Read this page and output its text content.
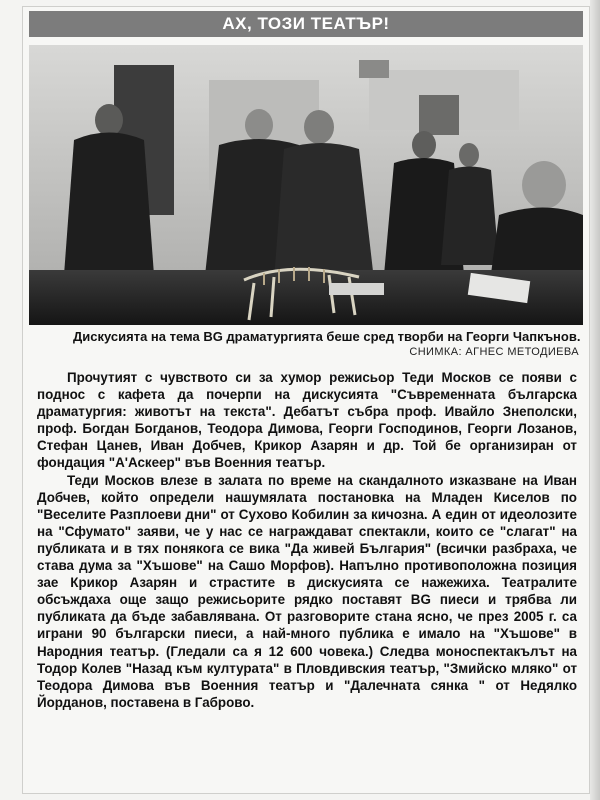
АХ, ТОЗИ ТЕАТЪР!
Дискусията на тема BG драматургията беше сред творби на Георги Чапкънов.
СНИМКА: АГНЕС МЕТОДИЕВА

Прочутият с чувството си за хумор режисьор Теди Москов се появи с поднос с кафета да почерпи на дискусията "Съвременната българска драматургия: животът на текста". Дебатът събра проф. Ивайло Знеполски, проф. Богдан Богданов, Теодора Димова, Георги Господинов, Георги Лозанов, Стефан Цанев, Иван Добчев, Крикор Азарян и др. Той бе организиран от фондация "А'Аскеер" във Военния театър.

Теди Москов влезе в залата по време на скандалното изказване на Иван Добчев, който определи нашумялата постановка на Младен Киселов по "Веселите Разплоеви дни" от Сухово Кобилин за кичозна. А един от идеолозите на "Сфумато" заяви, че у нас се награждават спектакли, които се "слагат" на публиката и в тях понякога се вика "Да живей България" (всички разбраха, че става дума за "Хъшове" на Сашо Морфов). Напълно противоположна позиция зае Крикор Азарян и страстите в дискусията се нажежиха. Театралите обсъждаха още защо режисьорите рядко поставят BG пиеси и трябва ли публиката да бъде забавлявана. От разговорите стана ясно, че през 2005 г. са играни 90 български пиеси, а най-много публика е имало на "Хъшове" в Народния театър. (Гледали са я 12 600 човека.) Следва моноспектакълът на Тодор Колев "Назад към културата" в Пловдивския театър, "Змийско мляко" от Теодора Димова във Военния театър и "Далечната сянка " от Недялко Йорданов, поставена в Габрово.
